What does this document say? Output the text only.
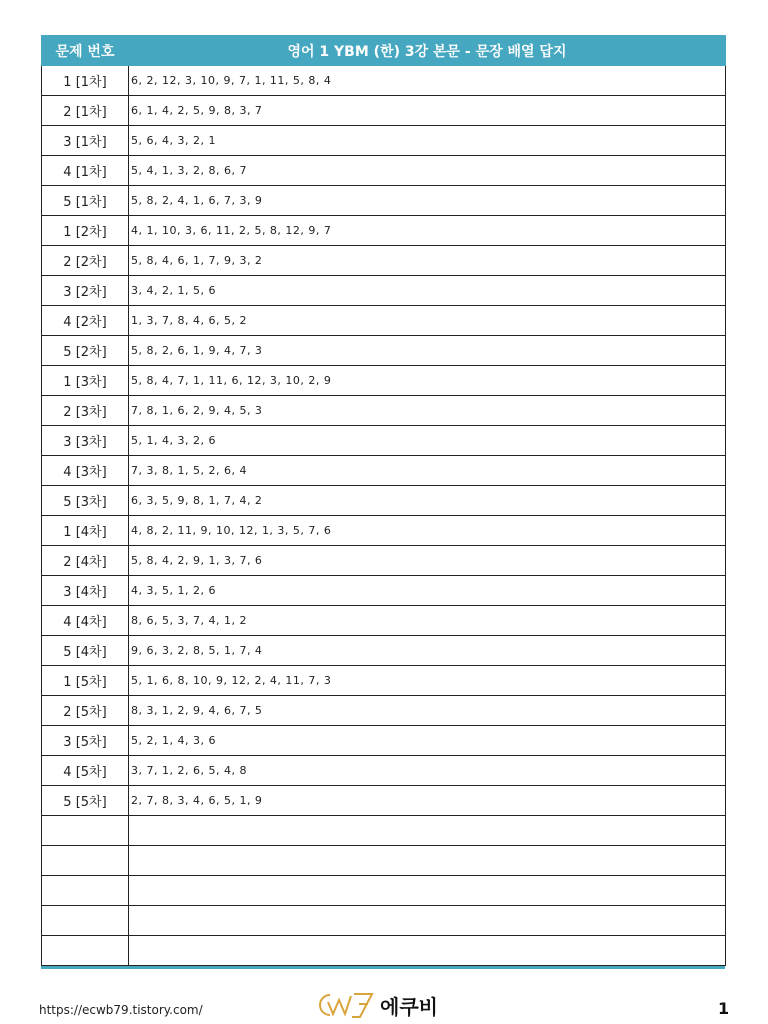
문제 번호	영어 1 YBM (한) 3강 본문 - 문장 배열 답지
1 [1차]	6, 2, 12, 3, 10, 9, 7, 1, 11, 5, 8, 4
2 [1차]	6, 1, 4, 2, 5, 9, 8, 3, 7
3 [1차]	5, 6, 4, 3, 2, 1
4 [1차]	5, 4, 1, 3, 2, 8, 6, 7
5 [1차]	5, 8, 2, 4, 1, 6, 7, 3, 9
1 [2차]	4, 1, 10, 3, 6, 11, 2, 5, 8, 12, 9, 7
2 [2차]	5, 8, 4, 6, 1, 7, 9, 3, 2
3 [2차]	3, 4, 2, 1, 5, 6
4 [2차]	1, 3, 7, 8, 4, 6, 5, 2
5 [2차]	5, 8, 2, 6, 1, 9, 4, 7, 3
1 [3차]	5, 8, 4, 7, 1, 11, 6, 12, 3, 10, 2, 9
2 [3차]	7, 8, 1, 6, 2, 9, 4, 5, 3
3 [3차]	5, 1, 4, 3, 2, 6
4 [3차]	7, 3, 8, 1, 5, 2, 6, 4
5 [3차]	6, 3, 5, 9, 8, 1, 7, 4, 2
1 [4차]	4, 8, 2, 11, 9, 10, 12, 1, 3, 5, 7, 6
2 [4차]	5, 8, 4, 2, 9, 1, 3, 7, 6
3 [4차]	4, 3, 5, 1, 2, 6
4 [4차]	8, 6, 5, 3, 7, 4, 1, 2
5 [4차]	9, 6, 3, 2, 8, 5, 1, 7, 4
1 [5차]	5, 1, 6, 8, 10, 9, 12, 2, 4, 11, 7, 3
2 [5차]	8, 3, 1, 2, 9, 4, 6, 7, 5
3 [5차]	5, 2, 1, 4, 3, 6
4 [5차]	3, 7, 1, 2, 6, 5, 4, 8
5 [5차]	2, 7, 8, 3, 4, 6, 5, 1, 9

https://ecwb79.tistory.com/	에쿠비	1
